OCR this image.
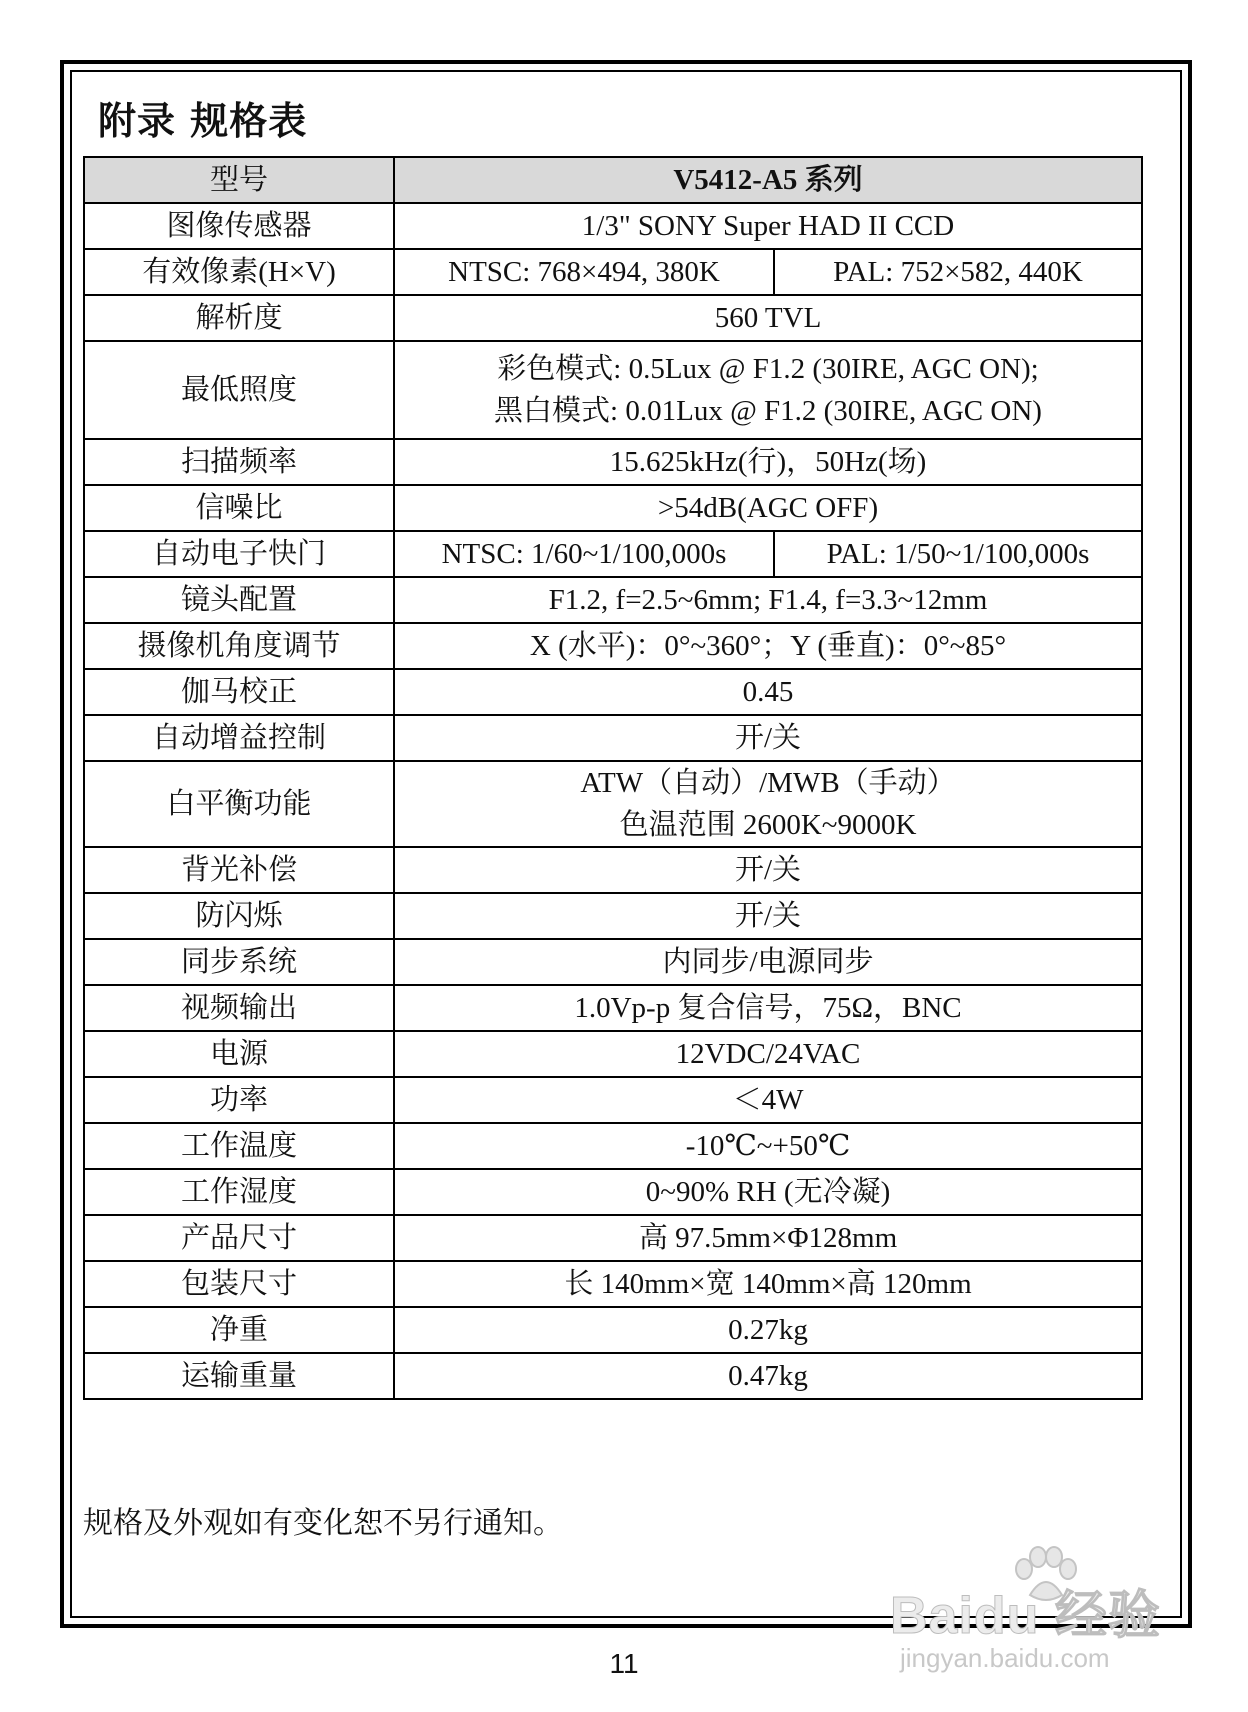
附录 规格表
型号	V5412-A5 系列	
图像传感器	1/3" SONY Super HAD II CCD	
有效像素(H×V)	NTSC: 768×494, 380K	PAL: 752×582, 440K
解析度	560 TVL	
最低照度	彩色模式: 0.5Lux @ F1.2 (30IRE, AGC ON);
黑白模式: 0.01Lux @ F1.2 (30IRE, AGC ON)	

扫描频率	15.625kHz(行)，50Hz(场)	
信噪比	>54dB(AGC OFF)	
自动电子快门	NTSC: 1/60~1/100,000s	PAL: 1/50~1/100,000s
镜头配置	F1.2, f=2.5~6mm; F1.4, f=3.3~12mm	
摄像机角度调节	X (水平)：0°~360°；Y (垂直)：0°~85°	
伽马校正	0.45	
自动增益控制	开/关	
白平衡功能	ATW（自动）/MWB（手动）
色温范围 2600K~9000K	

背光补偿	开/关	
防闪烁	开/关	
同步系统	内同步/电源同步	
视频输出	1.0Vp-p 复合信号，75Ω，BNC	
电源	12VDC/24VAC	
功率	＜4W	
工作温度	-10℃~+50℃	
工作湿度	0~90% RH (无冷凝)	
产品尺寸	高 97.5mm×Φ128mm	
包装尺寸	长 140mm×宽 140mm×高 120mm	
净重	0.27kg	
运输重量	0.47kg	
规格及外观如有变化恕不另行通知。
Baidu 经验
jingyan.baidu.com
11
